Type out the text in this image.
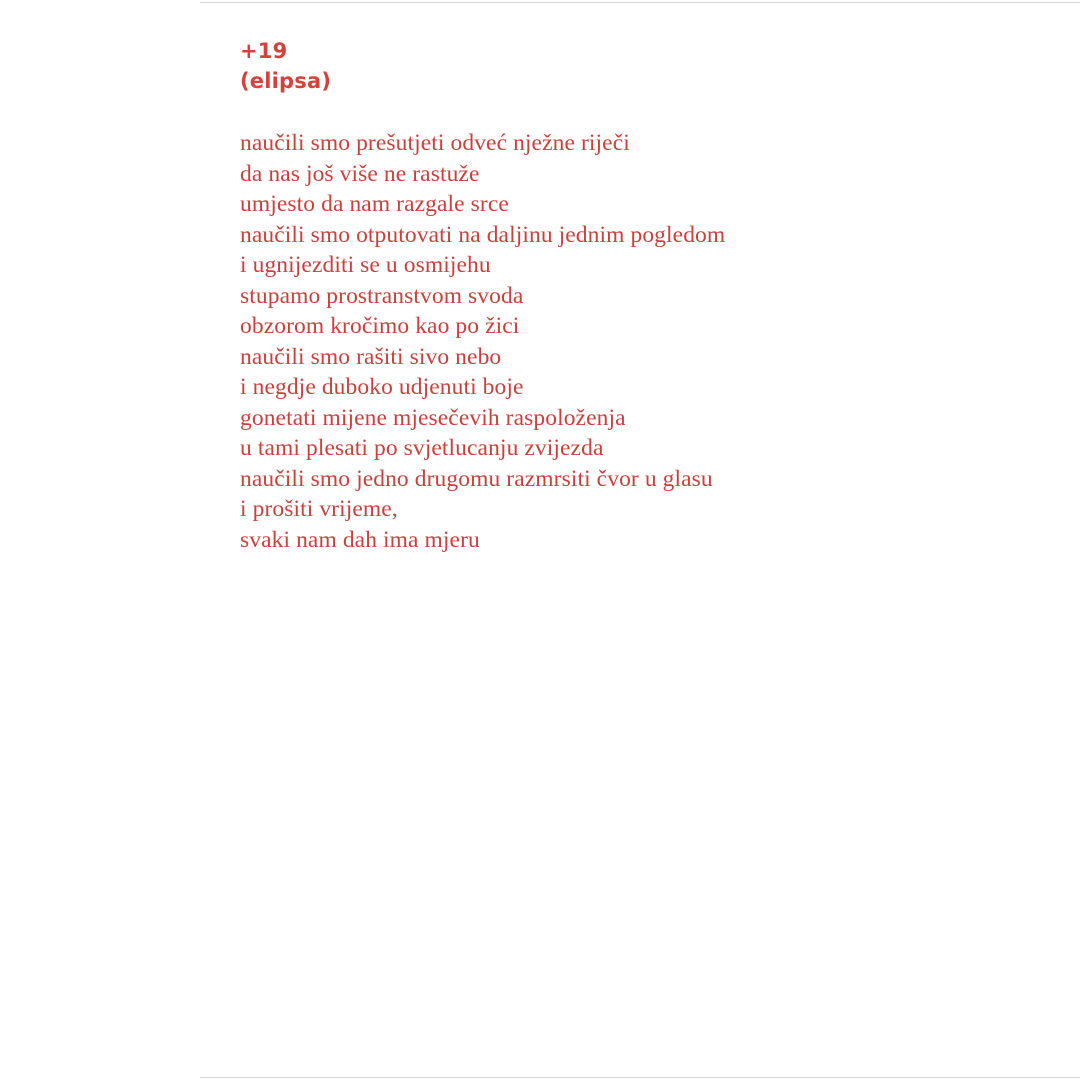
+19
(elipsa)
naučili smo prešutjeti odveć nježne riječi
da nas još više ne rastuže
umjesto da nam razgale srce
naučili smo otputovati na daljinu jednim pogledom
i ugnijezditi se u osmijehu
stupamo prostranstvom svoda
obzorom kročimo kao po žici
naučili smo rašiti sivo nebo
i negdje duboko udjenuti boje
gonetati mijene mjesečevih raspoloženja
u tami plesati po svjetlucanju zvijezda
naučili smo jedno drugomu razmrsiti čvor u glasu
i prošiti vrijeme,
svaki nam dah ima mjeru
